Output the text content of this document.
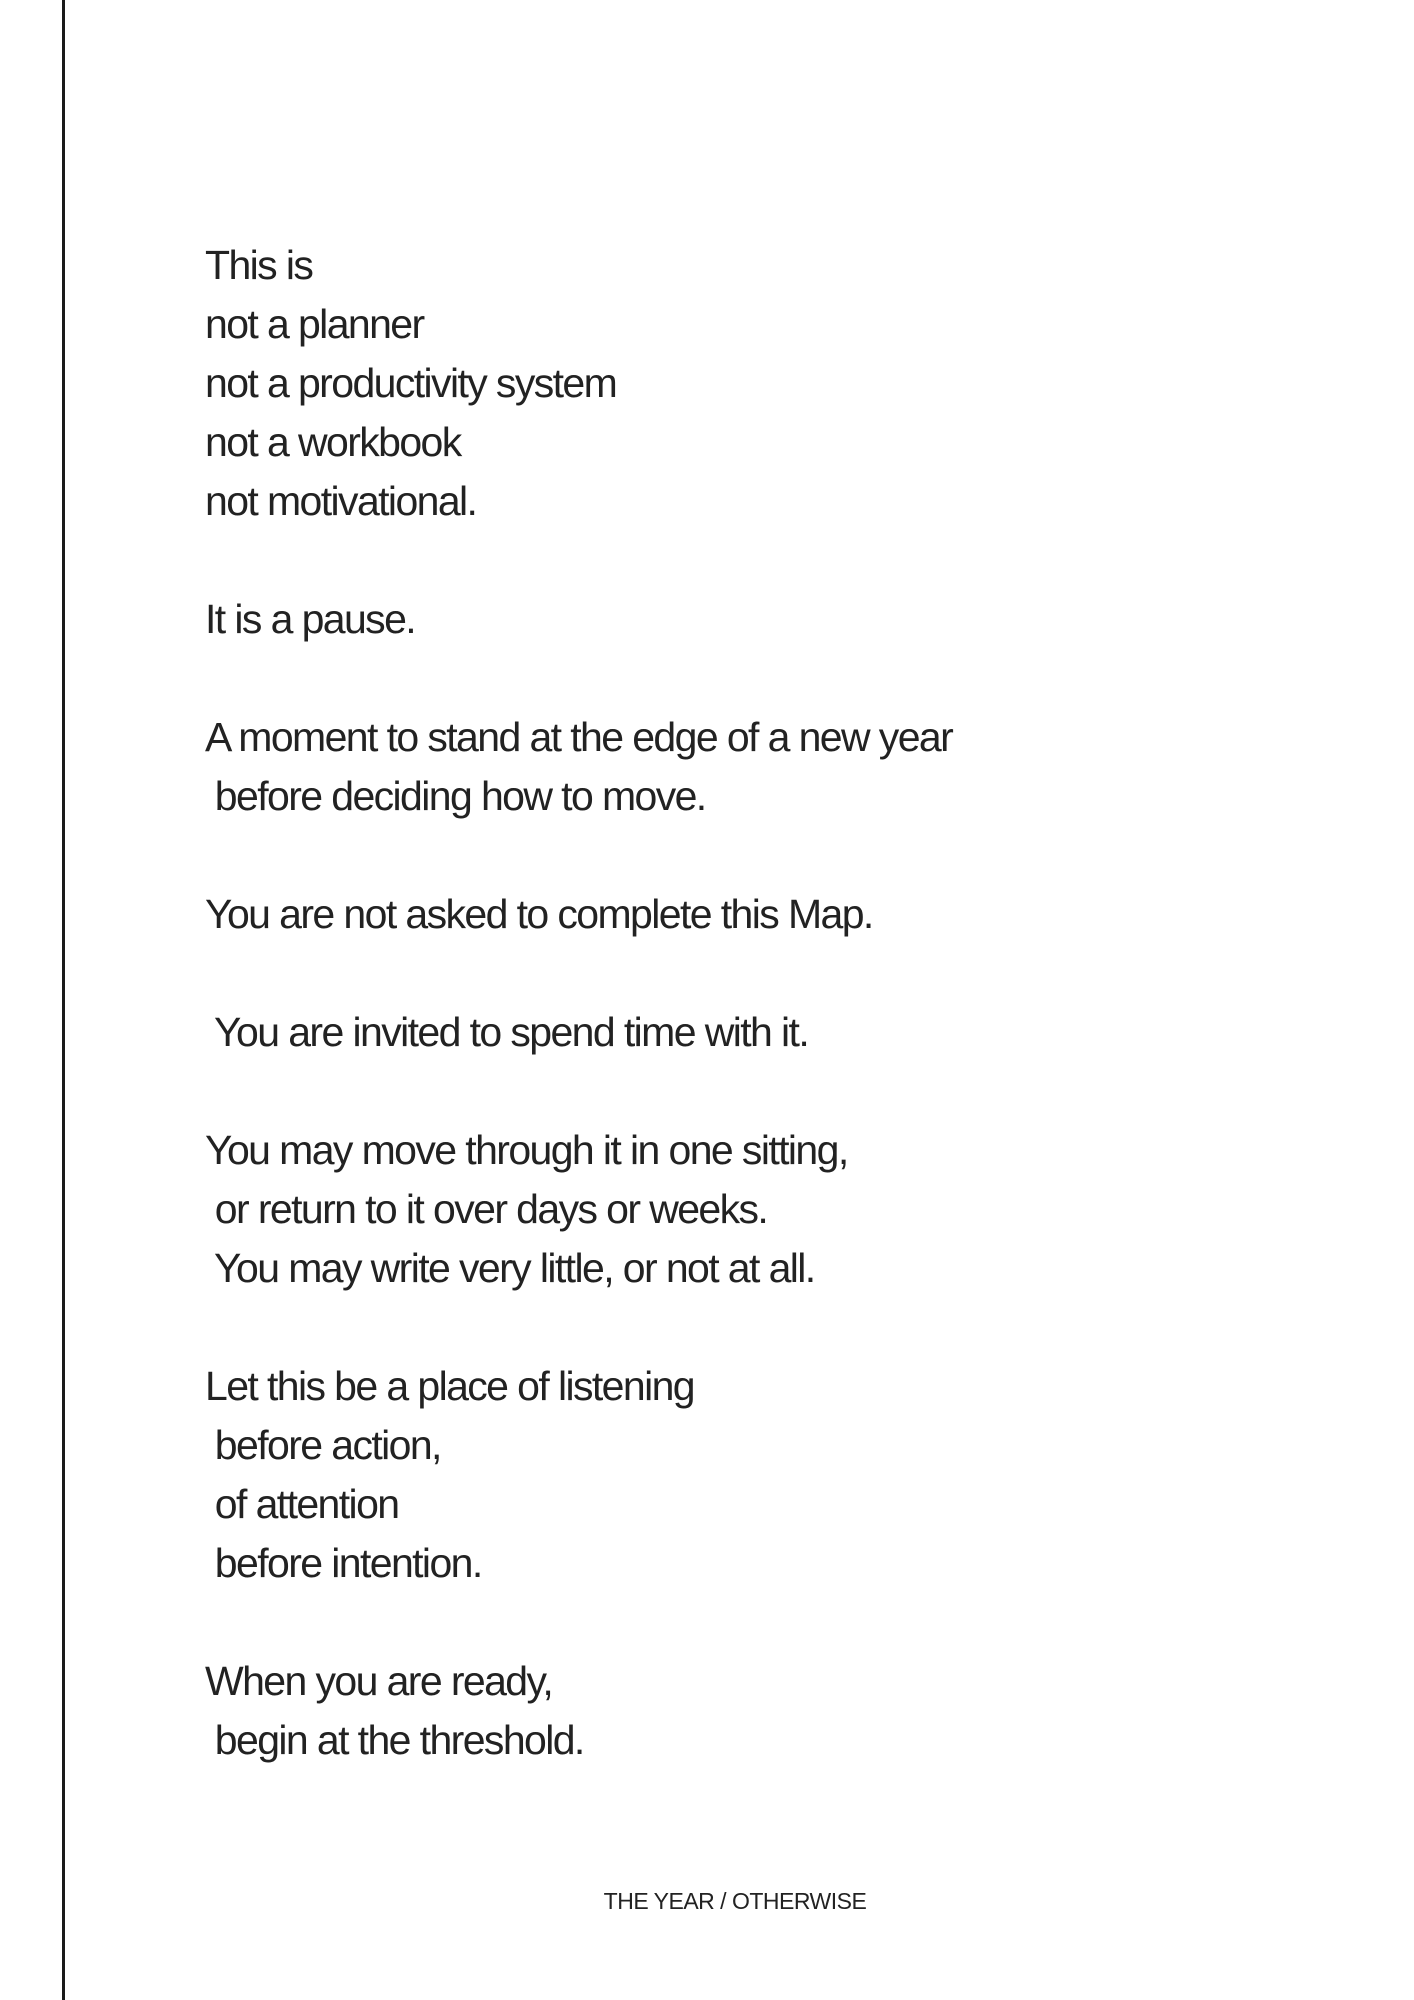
This is
not a planner
not a productivity system
not a workbook
not motivational.
It is a pause.
A moment to stand at the edge of a new year
before deciding how to move.
You are not asked to complete this Map.
You are invited to spend time with it.
You may move through it in one sitting,
or return to it over days or weeks.
You may write very little, or not at all.
Let this be a place of listening
before action,
of attention
before intention.
When you are ready,
begin at the threshold.
THE YEAR / OTHERWISE
